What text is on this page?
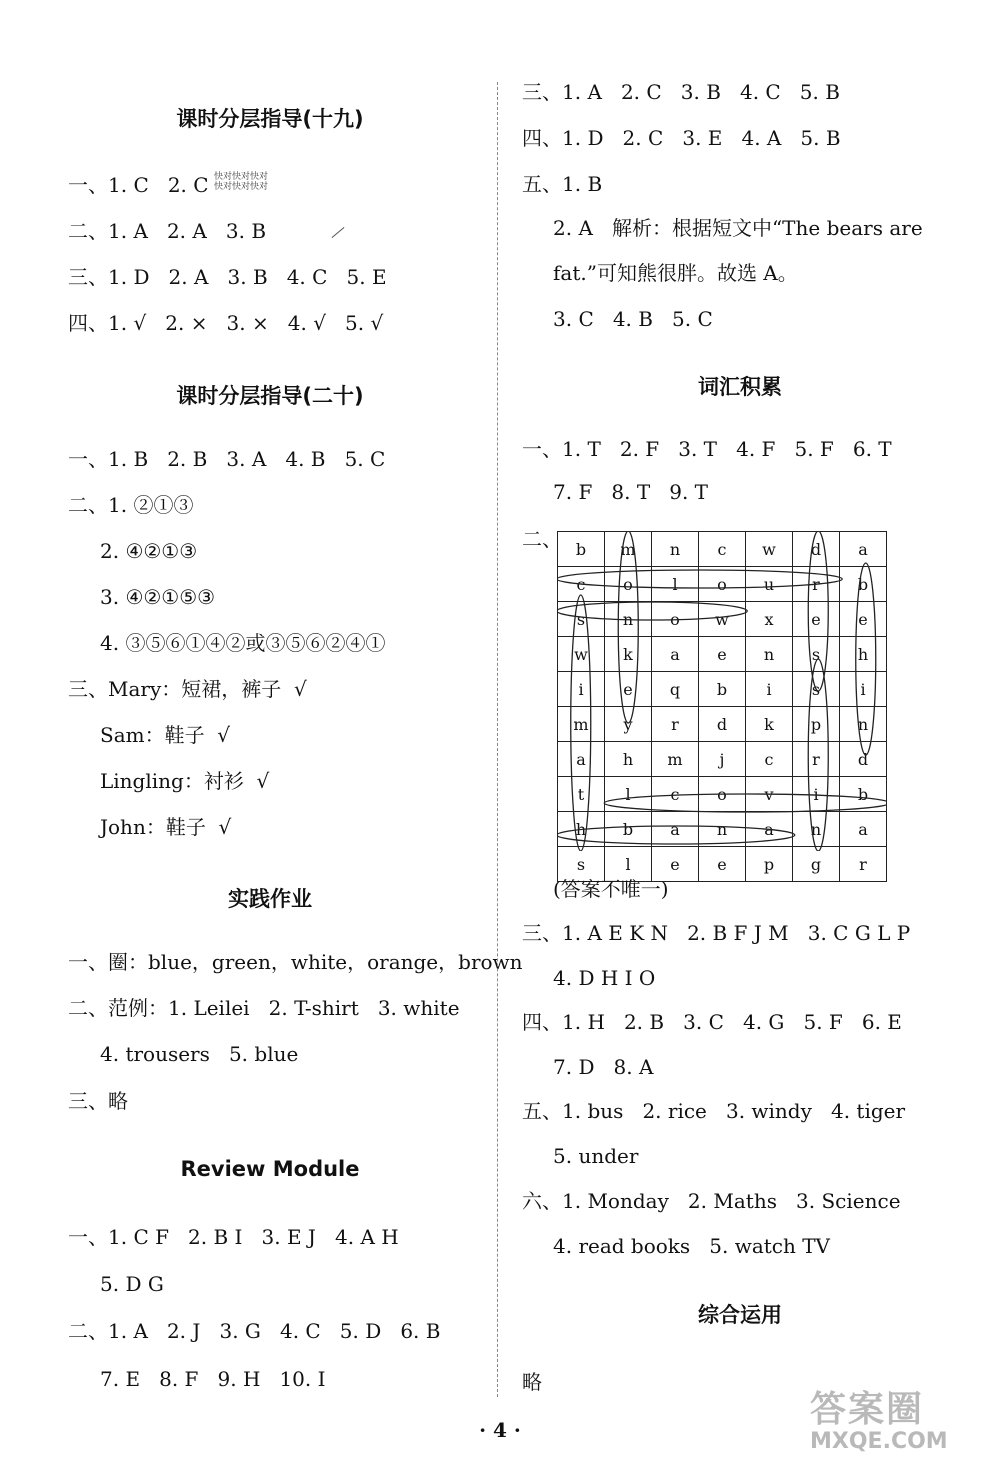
课时分层指导(十九)
课时分层指导(二十)
实践作业
Review Module
词汇积累
综合运用
一、1. C   2. C 快对快对快对
快对快对快对
二、1. A   2. A   3. B
三、1. D   2. A   3. B   4. C   5. E
四、1. √   2. ×   3. ×   4. √   5. √
一、1. B   2. B   3. A   4. B   5. C
二、1. ②①③
2. ④②①③
3. ④②①⑤③
4. ③⑤⑥①④②或③⑤⑥②④①
三、Mary：短裙，裤子  √
Sam：鞋子  √
Lingling：衬衫  √
John：鞋子  √
一、圈：blue，green，white，orange，brown
二、范例：1. Leilei   2. T-shirt   3. white
4. trousers   5. blue
三、略
一、1. C F   2. B I   3. E J   4. A H
5. D G
二、1. A   2. J   3. G   4. C   5. D   6. B
7. E   8. F   9. H   10. I
三、1. A   2. C   3. B   4. C   5. B
四、1. D   2. C   3. E   4. A   5. B
五、1. B
2. A   解析：根据短文中“The bears are
fat.”可知熊很胖。故选 A。
3. C   4. B   5. C
一、1. T   2. F   3. T   4. F   5. F   6. T
7. F   8. T   9. T
二、 b	m	n	c	w	d	a
c	o	l	o	u	r	b
s	n	o	w	x	e	e
w	k	a	e	n	s	h
i	e	q	b	i	s	i
m	y	r	d	k	p	n
a	h	m	j	c	r	d
t	l	c	o	v	i	b
h	b	a	n	a	n	a
s	l	e	e	p	g	r
(答案不唯一)
三、1. A E K N   2. B F J M   3. C G L P
4. D H I O
四、1. H   2. B   3. C   4. G   5. F   6. E
7. D   8. A
五、1. bus   2. rice   3. windy   4. tiger
5. under
六、1. Monday   2. Maths   3. Science
4. read books   5. watch TV
略
· 4 ·	答案圈
MXQE.COM
